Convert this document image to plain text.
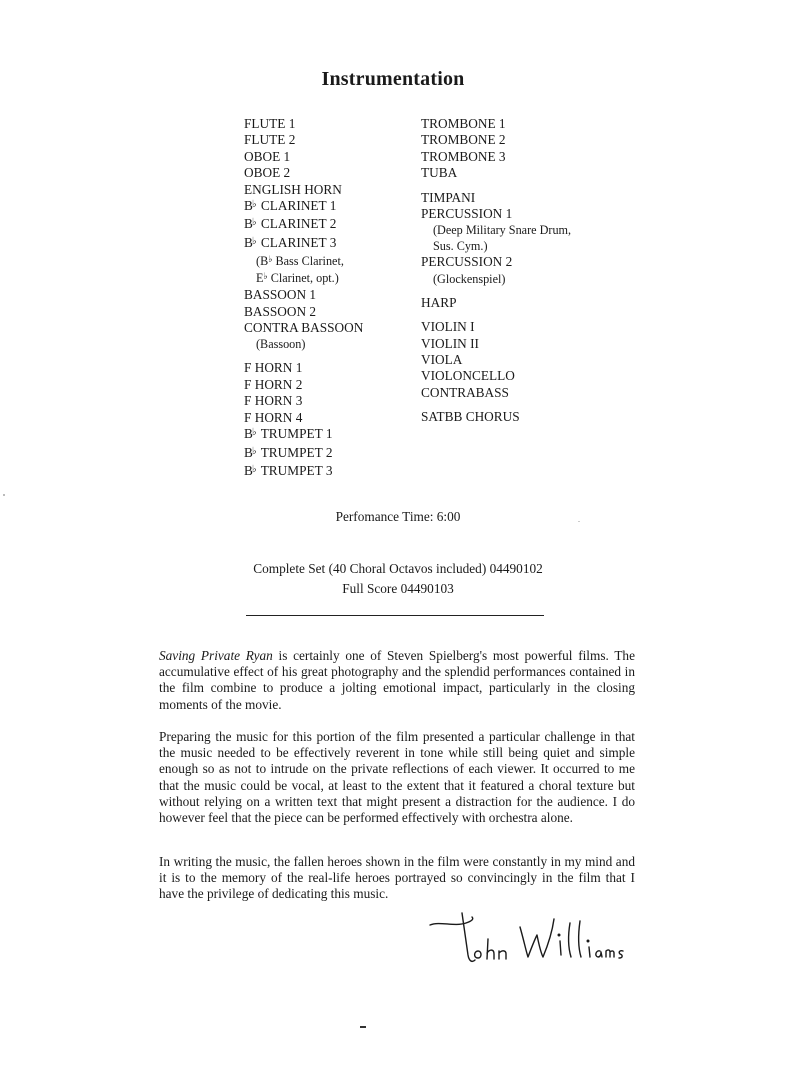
Instrumentation
FLUTE 1
FLUTE 2
OBOE 1
OBOE 2
ENGLISH HORN
B♭ CLARINET 1
B♭ CLARINET 2
B♭ CLARINET 3
(B♭ Bass Clarinet,
E♭ Clarinet, opt.)
BASSOON 1
BASSOON 2
CONTRA BASSOON
(Bassoon)
F HORN 1
F HORN 2
F HORN 3
F HORN 4
B♭ TRUMPET 1
B♭ TRUMPET 2
B♭ TRUMPET 3
TROMBONE 1
TROMBONE 2
TROMBONE 3
TUBA
TIMPANI
PERCUSSION 1
(Deep Military Snare Drum,
Sus. Cym.)
PERCUSSION 2
(Glockenspiel)
HARP
VIOLIN I
VIOLIN II
VIOLA
VIOLONCELLO
CONTRABASS
SATBB CHORUS
Perfomance Time: 6:00
Complete Set (40 Choral Octavos included) 04490102
Full Score 04490103

Saving Private Ryan is certainly one of Steven Spielberg's most powerful films. The accumulative effect of his great photography and the splendid performances contained in the film combine to produce a jolting emotional impact, particularly in the closing moments of the movie.

Preparing the music for this portion of the film presented a particular challenge in that the music needed to be effectively reverent in tone while still being quiet and simple enough so as not to intrude on the private reflections of each viewer. It occurred to me that the music could be vocal, at least to the extent that it featured a choral texture but without relying on a written text that might present a distraction for the audience. I do however feel that the piece can be performed effectively with orchestra alone.

In writing the music, the fallen heroes shown in the film were constantly in my mind and it is to the memory of the real-life heroes portrayed so convincingly in the film that I have the privilege of dedicating this music.
